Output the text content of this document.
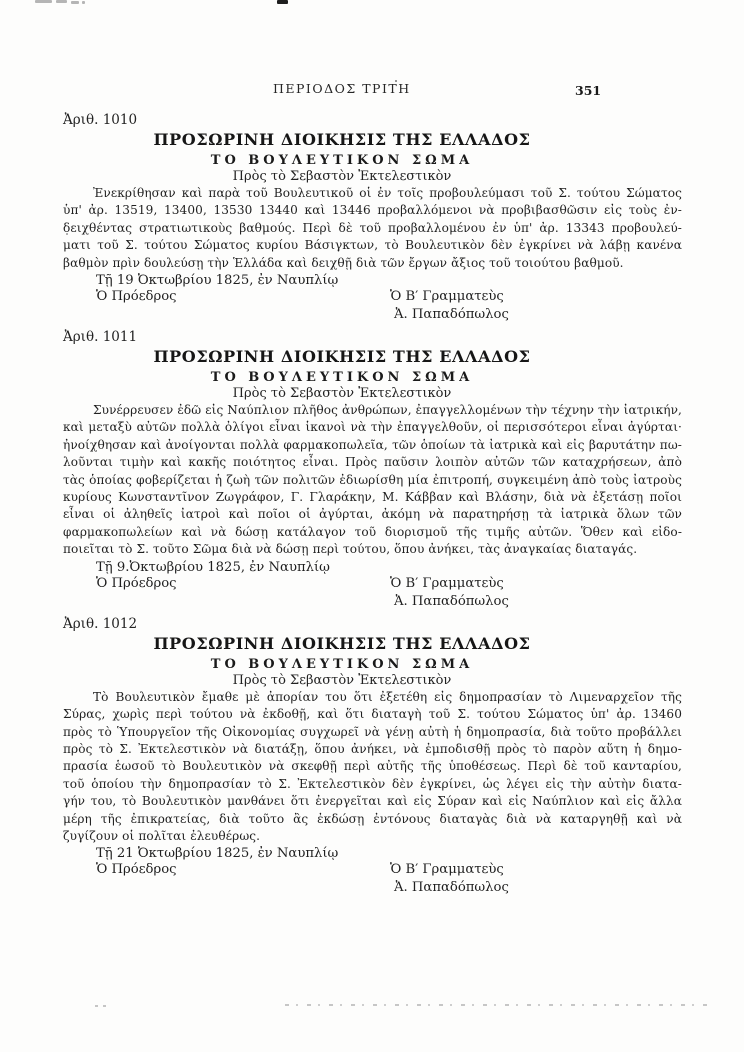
ΠΕΡΙΟΔΟΣ ΤΡΙΤΗ	351
Ἀριθ. 1010
ΠΡΟΣΩΡΙΝΗ ΔΙΟΙΚΗΣΙΣ ΤΗΣ ΕΛΛΑΔΟΣ
ΤΟ ΒΟΥΛΕΥΤΙΚΟΝ ΣΩΜΑ
Πρὸς τὸ Σεβαστὸν Ἐκτελεστικὸν
Ἐνεκρίθησαν καὶ παρὰ τοῦ Βουλευτικοῦ οἱ ἐν τοῖς προβουλεύμασι τοῦ Σ. τούτου Σώματος
ὑπ' ἀρ. 13519, 13400, 13530 13440 καὶ 13446 προβαλλόμενοι νὰ προβιβασθῶσιν εἰς τοὺς ἐν-
δειχθέντας στρατιωτικοὺς βαθμούς. Περὶ δὲ τοῦ προβαλλομένου ἐν ὑπ' ἀρ. 13343 προβουλεύ-
ματι τοῦ Σ. τούτου Σώματος κυρίου Βάσιγκτων, τὸ Βουλευτικὸν δὲν ἐγκρίνει νὰ λάβῃ κανένα
βαθμὸν πρὶν δουλεύσῃ τὴν Ἑλλάδα καὶ δειχθῇ διὰ τῶν ἔργων ἄξιος τοῦ τοιούτου βαθμοῦ.
Τῇ 19 Ὀκτωβρίου 1825, ἐν Ναυπλίῳ
Ὁ Πρόεδρος	Ὁ Β′ Γραμματεὺς
Ἀ. Παπαδόπωλος
Ἀριθ. 1011
ΠΡΟΣΩΡΙΝΗ ΔΙΟΙΚΗΣΙΣ ΤΗΣ ΕΛΛΑΔΟΣ
ΤΟ ΒΟΥΛΕΥΤΙΚΟΝ ΣΩΜΑ
Πρὸς τὸ Σεβαστὸν Ἐκτελεστικὸν
Συνέρρευσεν ἐδῶ εἰς Ναύπλιον πλῆθος ἀνθρώπων, ἐπαγγελλομένων τὴν τέχνην τὴν ἰατρικήν,
καὶ μεταξὺ αὐτῶν πολλὰ ὀλίγοι εἶναι ἱκανοὶ νὰ τὴν ἐπαγγελθοῦν, οἱ περισσότεροι εἶναι ἀγύρται·
ἠνοίχθησαν καὶ ἀνοίγονται πολλὰ φαρμακοπωλεῖα, τῶν ὁποίων τὰ ἰατρικὰ καὶ εἰς βαρυτάτην πω-
λοῦνται τιμὴν καὶ κακῆς ποιότητος εἶναι. Πρὸς παῦσιν λοιπὸν αὐτῶν τῶν καταχρήσεων, ἀπὸ
τὰς ὁποίας φοβερίζεται ἡ ζωὴ τῶν πολιτῶν ἐδιωρίσθη μία ἐπιτροπή, συγκειμένη ἀπὸ τοὺς ἰατροὺς
κυρίους Κωνσταντῖνον Ζωγράφον, Γ. Γλαράκην, Μ. Κάββαν καὶ Βλάσην, διὰ νὰ ἐξετάσῃ ποῖοι
εἶναι οἱ ἀληθεῖς ἰατροὶ καὶ ποῖοι οἱ ἀγύρται, ἀκόμη νὰ παρατηρήσῃ τὰ ἰατρικὰ ὅλων τῶν
φαρμακοπωλείων καὶ νὰ δώσῃ κατάλαγον τοῦ διορισμοῦ τῆς τιμῆς αὐτῶν. Ὅθεν καὶ εἰδο-
ποιεῖται τὸ Σ. τοῦτο Σῶμα διὰ νὰ δώσῃ περὶ τούτου, ὅπου ἀνήκει, τὰς ἀναγκαίας διαταγάς.
Τῇ 9.Ὀκτωβρίου 1825, ἐν Ναυπλίῳ
Ὁ Πρόεδρος	Ὁ Β′ Γραμματεὺς
Ἀ. Παπαδόπωλος
Ἀριθ. 1012
ΠΡΟΣΩΡΙΝΗ ΔΙΟΙΚΗΣΙΣ ΤΗΣ ΕΛΛΑΔΟΣ
ΤΟ ΒΟΥΛΕΥΤΙΚΟΝ ΣΩΜΑ
Πρὸς τὸ Σεβαστὸν Ἐκτελεστικὸν
Τὸ Βουλευτικὸν ἔμαθε μὲ ἀπορίαν του ὅτι ἐξετέθη εἰς δημοπρασίαν τὸ Λιμεναρχεῖον τῆς
Σύρας, χωρὶς περὶ τούτου νὰ ἐκδοθῇ, καὶ ὅτι διαταγὴ τοῦ Σ. τούτου Σώματος ὑπ' ἀρ. 13460
πρὸς τὸ Ὑπουργεῖον τῆς Οἰκονομίας συγχωρεῖ νὰ γένῃ αὐτὴ ἡ δημοπρασία, διὰ τοῦτο προβάλλει
πρὸς τὸ Σ. Ἐκτελεστικὸν νὰ διατάξῃ, ὅπου ἀνήκει, νὰ ἐμποδισθῇ πρὸς τὸ παρὸν αὕτη ἡ δημο-
πρασία ἑωσοῦ τὸ Βουλευτικὸν νὰ σκεφθῇ περὶ αὐτῆς τῆς ὑποθέσεως. Περὶ δὲ τοῦ κανταρίου,
τοῦ ὁποίου τὴν δημοπρασίαν τὸ Σ. Ἐκτελεστικὸν δὲν ἐγκρίνει, ὡς λέγει εἰς τὴν αὐτὴν διατα-
γήν του, τὸ Βουλευτικὸν μανθάνει ὅτι ἐνεργεῖται καὶ εἰς Σύραν καὶ εἰς Ναύπλιον καὶ εἰς ἄλλα
μέρη τῆς ἐπικρατείας, διὰ τοῦτο ἂς ἐκδώσῃ ἐντόνους διαταγὰς διὰ νὰ καταργηθῇ καὶ νὰ
ζυγίζουν οἱ πολῖται ἐλευθέρως.
Τῇ 21 Ὀκτωβρίου 1825, ἐν Ναυπλίῳ
Ὁ Πρόεδρος	Ὁ Β′ Γραμματεὺς
Ἀ. Παπαδόπωλος
